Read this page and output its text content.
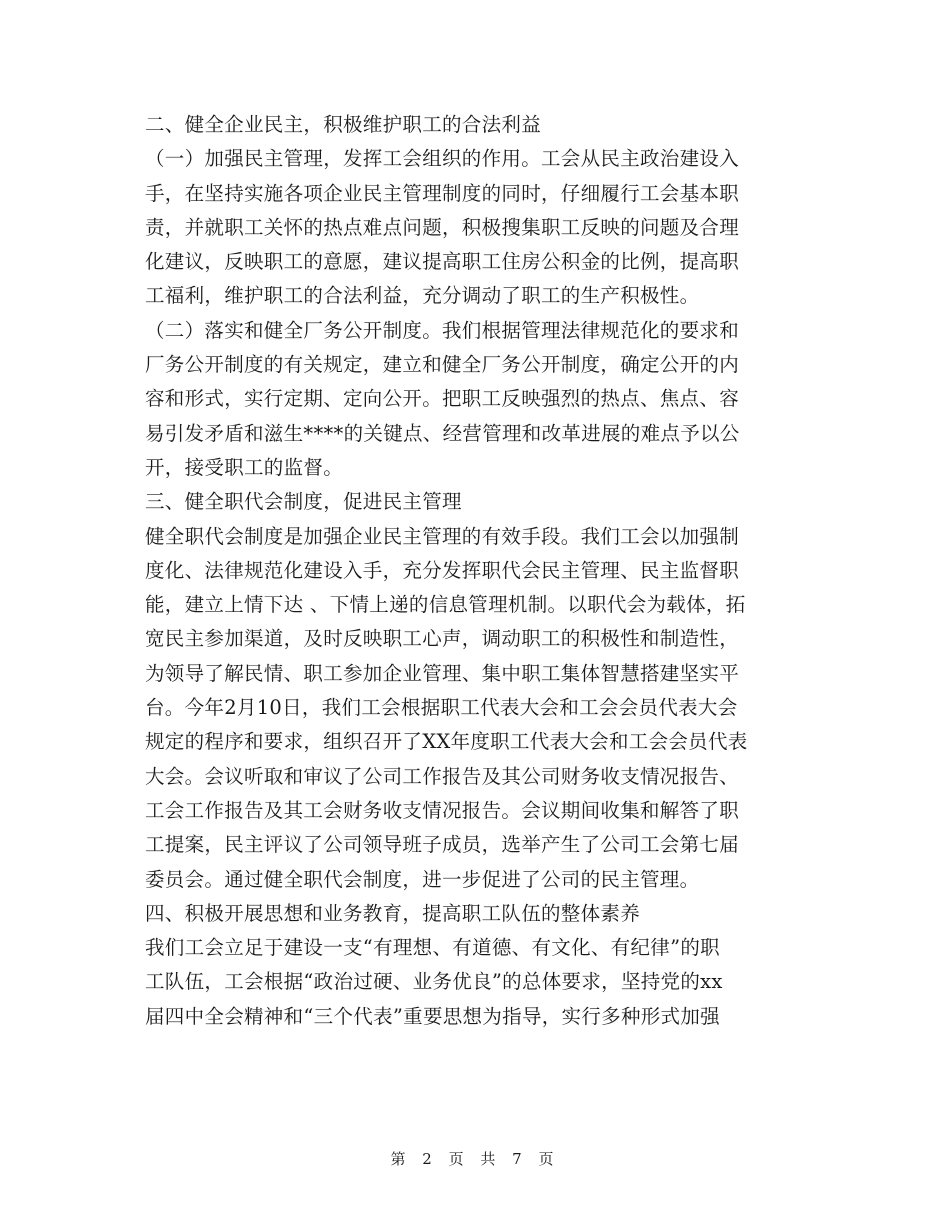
二、健全企业民主，积极维护职工的合法利益
（一）加强民主管理，发挥工会组织的作用。工会从民主政治建设入
手，在坚持实施各项企业民主管理制度的同时，仔细履行工会基本职
责，并就职工关怀的热点难点问题，积极搜集职工反映的问题及合理
化建议，反映职工的意愿，建议提高职工住房公积金的比例，提高职
工福利，维护职工的合法利益，充分调动了职工的生产积极性。
（二）落实和健全厂务公开制度。我们根据管理法律规范化的要求和
厂务公开制度的有关规定，建立和健全厂务公开制度，确定公开的内
容和形式，实行定期、定向公开。把职工反映强烈的热点、焦点、容
易引发矛盾和滋生****的关键点、经营管理和改革进展的难点予以公
开，接受职工的监督。
三、健全职代会制度，促进民主管理
健全职代会制度是加强企业民主管理的有效手段。我们工会以加强制
度化、法律规范化建设入手，充分发挥职代会民主管理、民主监督职
能，建立上情下达 、下情上递的信息管理机制。以职代会为载体，拓
宽民主参加渠道，及时反映职工心声，调动职工的积极性和制造性，
为领导了解民情、职工参加企业管理、集中职工集体智慧搭建坚实平
台。今年2月10日，我们工会根据职工代表大会和工会会员代表大会
规定的程序和要求，组织召开了XX年度职工代表大会和工会会员代表
大会。会议听取和审议了公司工作报告及其公司财务收支情况报告、
工会工作报告及其工会财务收支情况报告。会议期间收集和解答了职
工提案，民主评议了公司领导班子成员，选举产生了公司工会第七届
委员会。通过健全职代会制度，进一步促进了公司的民主管理。
四、积极开展思想和业务教育，提高职工队伍的整体素养
我们工会立足于建设一支“有理想、有道德、有文化、有纪律”的职
工队伍，工会根据“政治过硬、业务优良”的总体要求，坚持党的xx
届四中全会精神和“三个代表”重要思想为指导，实行多种形式加强
第 2 页 共 7 页
